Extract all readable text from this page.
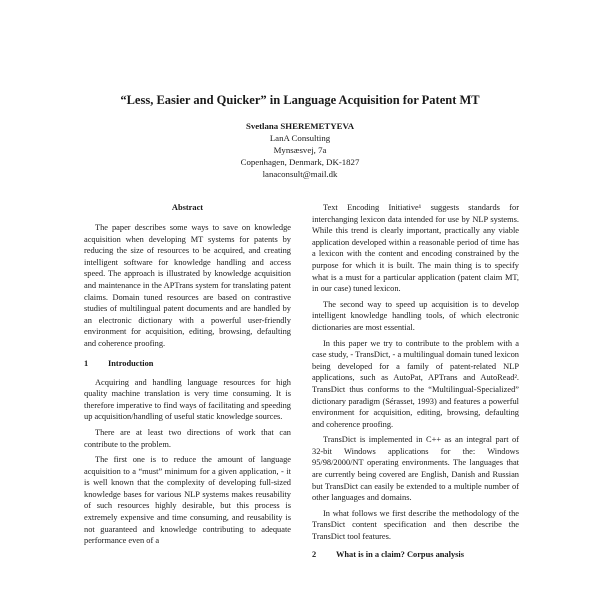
“Less, Easier and Quicker” in Language Acquisition for Patent MT
Svetlana SHEREMETYEVA
LanA Consulting
Mynsæsvej, 7a
Copenhagen, Denmark, DK-1827
lanaconsult@mail.dk
Abstract

The paper describes some ways to save on knowledge acquisition when developing MT systems for patents by reducing the size of resources to be acquired, and creating intelligent software for knowledge handling and access speed. The approach is illustrated by knowledge acquisition and maintenance in the APTrans system for translating patent claims. Domain tuned resources are based on contrastive studies of multilingual patent documents and are handled by an electronic dictionary with a powerful user-friendly environment for acquisition, editing, browsing, defaulting and coherence proofing.

1 Introduction

Acquiring and handling language resources for high quality machine translation is very time consuming. It is therefore imperative to find ways of facilitating and speeding up acquisition/handling of useful static knowledge sources.

There are at least two directions of work that can contribute to the problem.

The first one is to reduce the amount of language acquisition to a “must” minimum for a given application, - it is well known that the complexity of developing full-sized knowledge bases for various NLP systems makes reusability of such resources highly desirable, but this process is extremely expensive and time consuming, and reusability is not guaranteed and knowledge contributing to adequate performance even of a

Text Encoding Initiative¹ suggests standards for interchanging lexicon data intended for use by NLP systems. While this trend is clearly important, practically any viable application developed within a reasonable period of time has a lexicon with the content and encoding constrained by the purpose for which it is built. The main thing is to specify what is a must for a particular application (patent claim MT, in our case) tuned lexicon.

The second way to speed up acquisition is to develop intelligent knowledge handling tools, of which electronic dictionaries are most essential.

In this paper we try to contribute to the problem with a case study, - TransDict, - a multilingual domain tuned lexicon being developed for a family of patent-related NLP applications, such as AutoPat, APTrans and AutoRead². TransDict thus conforms to the “Multilingual-Specialized” dictionary paradigm (Sérasset, 1993) and features a powerful environment for acquisition, editing, browsing, defaulting and coherence proofing.

TransDict is implemented in C++ as an integral part of 32-bit Windows applications for the: Windows 95/98/2000/NT operating environments. The languages that are currently being covered are English, Danish and Russian but TransDict can easily be extended to a multiple number of other languages and domains.

In what follows we first describe the methodology of the TransDict content specification and then describe the TransDict tool features.

2 What is in a claim? Corpus analysis
